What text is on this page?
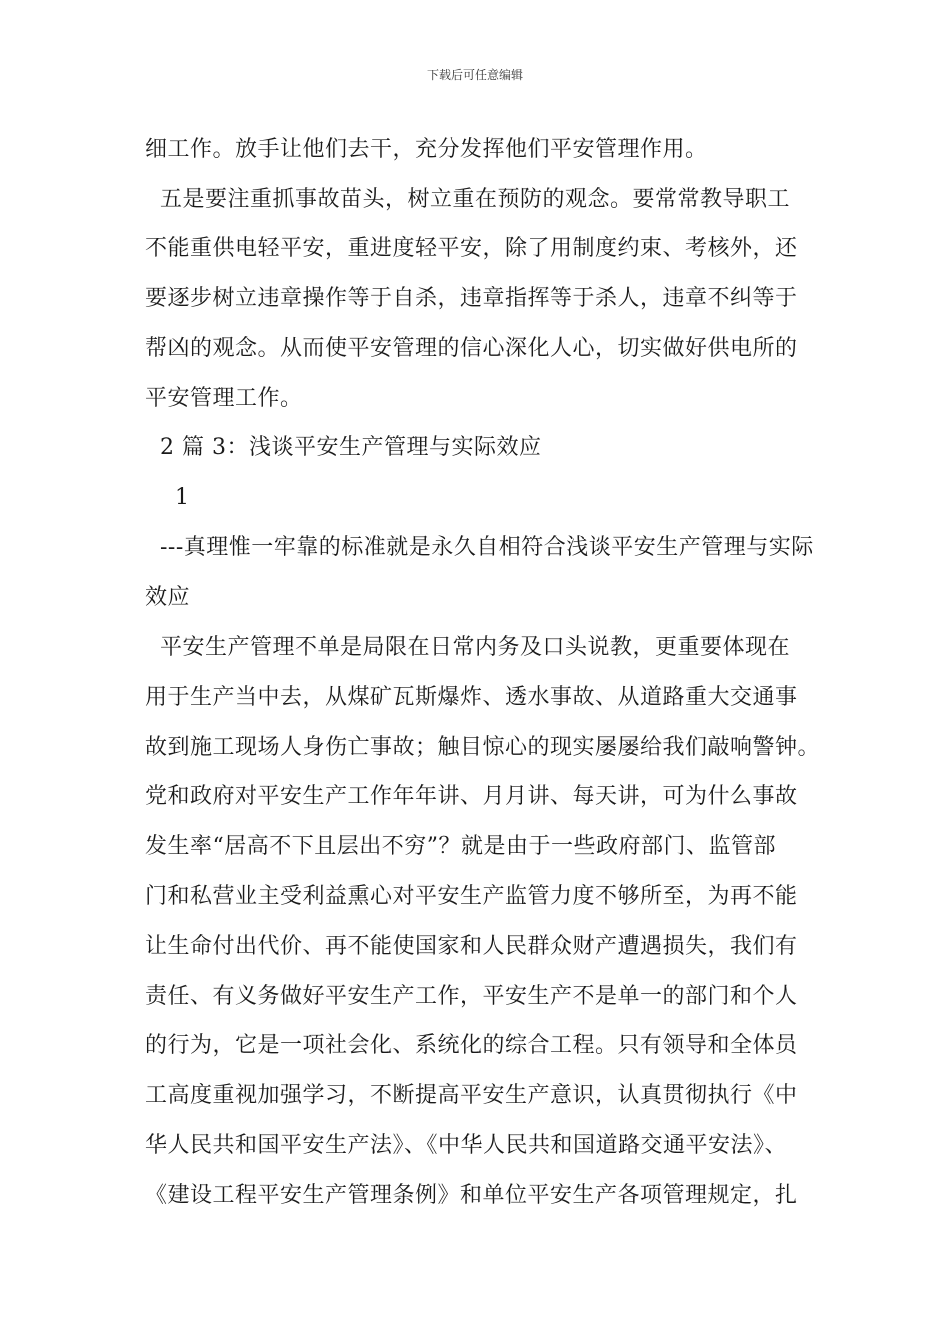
下载后可任意编辑
细工作。放手让他们去干，充分发挥他们平安管理作用。
五是要注重抓事故苗头，树立重在预防的观念。要常常教导职工
不能重供电轻平安，重进度轻平安，除了用制度约束、考核外，还
要逐步树立违章操作等于自杀，违章指挥等于杀人，违章不纠等于
帮凶的观念。从而使平安管理的信心深化人心，切实做好供电所的
平安管理工作。
2 篇 3：浅谈平安生产管理与实际效应
1
---真理惟一牢靠的标准就是永久自相符合浅谈平安生产管理与实际
效应
平安生产管理不单是局限在日常内务及口头说教，更重要体现在
用于生产当中去，从煤矿瓦斯爆炸、透水事故、从道路重大交通事
故到施工现场人身伤亡事故；触目惊心的现实屡屡给我们敲响警钟。
党和政府对平安生产工作年年讲、月月讲、每天讲，可为什么事故
发生率“居高不下且层出不穷”？就是由于一些政府部门、监管部
门和私营业主受利益熏心对平安生产监管力度不够所至，为再不能
让生命付出代价、再不能使国家和人民群众财产遭遇损失，我们有
责任、有义务做好平安生产工作，平安生产不是单一的部门和个人
的行为，它是一项社会化、系统化的综合工程。只有领导和全体员
工高度重视加强学习，不断提高平安生产意识，认真贯彻执行《中
华人民共和国平安生产法》、《中华人民共和国道路交通平安法》、
《建设工程平安生产管理条例》和单位平安生产各项管理规定，扎
